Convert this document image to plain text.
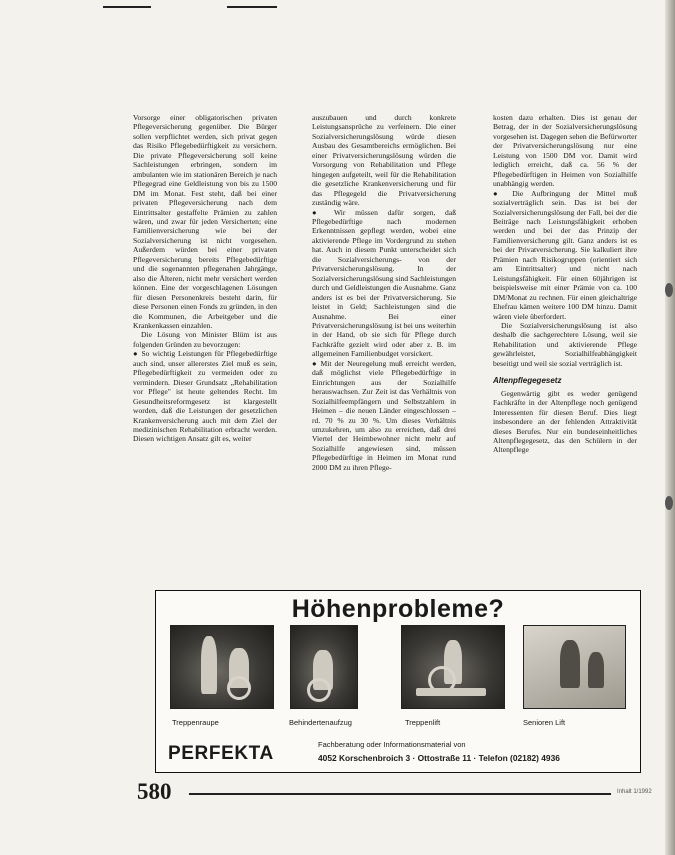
Vorsorge einer obligatorischen privaten Pflegeversicherung gegenüber. Die Bürger sollen verpflichtet werden, sich privat gegen das Risiko Pflegebedürftigkeit zu versichern. Die private Pflegeversicherung soll keine Sachleistungen erbringen, sondern im ambulanten wie im stationären Bereich je nach Pflegegrad eine Geldleistung von bis zu 1500 DM im Monat. Fest steht, daß bei einer privaten Pflegeversicherung nach dem Eintrittsalter gestaffelte Prämien zu zahlen wären, und zwar für jeden Versicherten; eine Familienversicherung wie bei der Sozialversicherung ist nicht vorgesehen. Außerdem würden bei einer privaten Pflegeversicherung bereits Pflegebedürftige und die sogenannten pflegenahen Jahrgänge, also die Älteren, nicht mehr versichert werden können. Eine der vorgeschlagenen Lösungen für diesen Personenkreis besteht darin, für diese Personen einen Fonds zu gründen, in den die Kommunen, die Arbeitgeber und die Krankenkassen einzahlen.

Die Lösung von Minister Blüm ist aus folgenden Gründen zu bevorzugen:

● So wichtig Leistungen für Pflegebedürftige auch sind, unser allererstes Ziel muß es sein, Pflegebedürftigkeit zu vermeiden oder zu vermindern. Dieser Grundsatz „Rehabilitation vor Pflege" ist heute geltendes Recht. Im Gesundheitsreformgesetz ist klargestellt worden, daß die Leistungen der gesetzlichen Krankenversicherung auch mit dem Ziel der medizinischen Rehabilitation erbracht werden. Diesen wichtigen Ansatz gilt es, weiter

auszubauen und durch konkrete Leistungsansprüche zu verfeinern. Die einer Sozialversicherungslösung würde diesen Ausbau des Gesamtbereichs ermöglichen. Bei einer Privatversicherungslösung würden die Vorsorgung von Rehabilitation und Pflege hingegen aufgeteilt, weil für die Rehabilitation die gesetzliche Krankenversicherung und für das Pflegegeld die Privatversicherung zuständig wäre.

● Wir müssen dafür sorgen, daß Pflegebedürftige nach modernen Erkenntnissen gepflegt werden, wobei eine aktivierende Pflege im Vordergrund zu stehen hat. Auch in diesem Punkt unterscheidet sich die Sozialversicherungs- von der Privatversicherungslösung. In der Sozialversicherungslösung sind Sachleistungen durch und Geldleistungen die Ausnahme. Ganz anders ist es bei der Privatversicherung. Sie leistet in Geld; Sachleistungen sind die Ausnahme. Bei einer Privatversicherungslösung ist bei uns weiterhin in der Hand, ob sie sich für Pflege durch Fachkräfte gezielt wird oder aber z. B. im allgemeinen Familienbudget vorsickert.

● Mit der Neuregelung muß erreicht werden, daß möglichst viele Pflegebedürftige in Einrichtungen aus der Sozialhilfe herauswachsen. Zur Zeit ist das Verhältnis von Sozialhilfeempfängern und Selbstzahlern in Heimen – die neuen Länder eingeschlossen – rd. 70 % zu 30 %. Um dieses Verhältnis umzukehren, um also zu erreichen, daß drei Viertel der Heimbewohner nicht mehr auf Sozialhilfe angewiesen sind, müssen Pflegebedürftige in Heimen im Monat rund 2000 DM zu ihren Pflege-

kosten dazu erhalten. Dies ist genau der Betrag, der in der Sozialversicherungslösung vorgesehen ist. Dagegen sehen die Befürworter der Privatversicherungslösung nur eine Leistung von 1500 DM vor. Damit wird lediglich erreicht, daß ca. 56 % der Pflegebedürftigen in Heimen von Sozialhilfe unabhängig werden.

● Die Aufbringung der Mittel muß sozialverträglich sein. Das ist bei der Sozialversicherungslösung der Fall, bei der die Beiträge nach Leistungsfähigkeit erhoben werden und bei der das Prinzip der Familienversicherung gilt. Ganz anders ist es bei der Privatversicherung. Sie kalkuliert ihre Prämien nach Risikogruppen (orientiert sich am Eintrittsalter) und nicht nach Leistungsfähigkeit. Für einen 60jährigen ist beispielsweise mit einer Prämie von ca. 100 DM/Monat zu rechnen. Für einen gleichaltrige Ehefrau kämen weitere 100 DM hinzu. Damit wären viele überfordert.

Die Sozialversicherungslösung ist also deshalb die sachgerechtere Lösung, weil sie Rehabilitation und aktivierende Pflege gewährleistet, Sozialhilfeabhängigkeit beseitigt und weil sie sozial verträglich ist.

Altenpflegegesetz

Gegenwärtig gibt es weder genügend Fachkräfte in der Altenpflege noch genügend Interessenten für diesen Beruf. Dies liegt insbesondere an der fehlenden Attraktivität dieses Berufes. Nur ein bundeseinheitliches Altenpflegegesetz, das den Schülern in der Altenpflege

Höhenprobleme?
Treppenraupe	Behindertenaufzug	Treppenlift	Senioren Lift
PERFEKTA	Fachberatung oder Informationsmaterial von
4052 Korschenbroich 3 · Ottostraße 11 · Telefon (02182) 4936
580	Inhalt 1/1992
